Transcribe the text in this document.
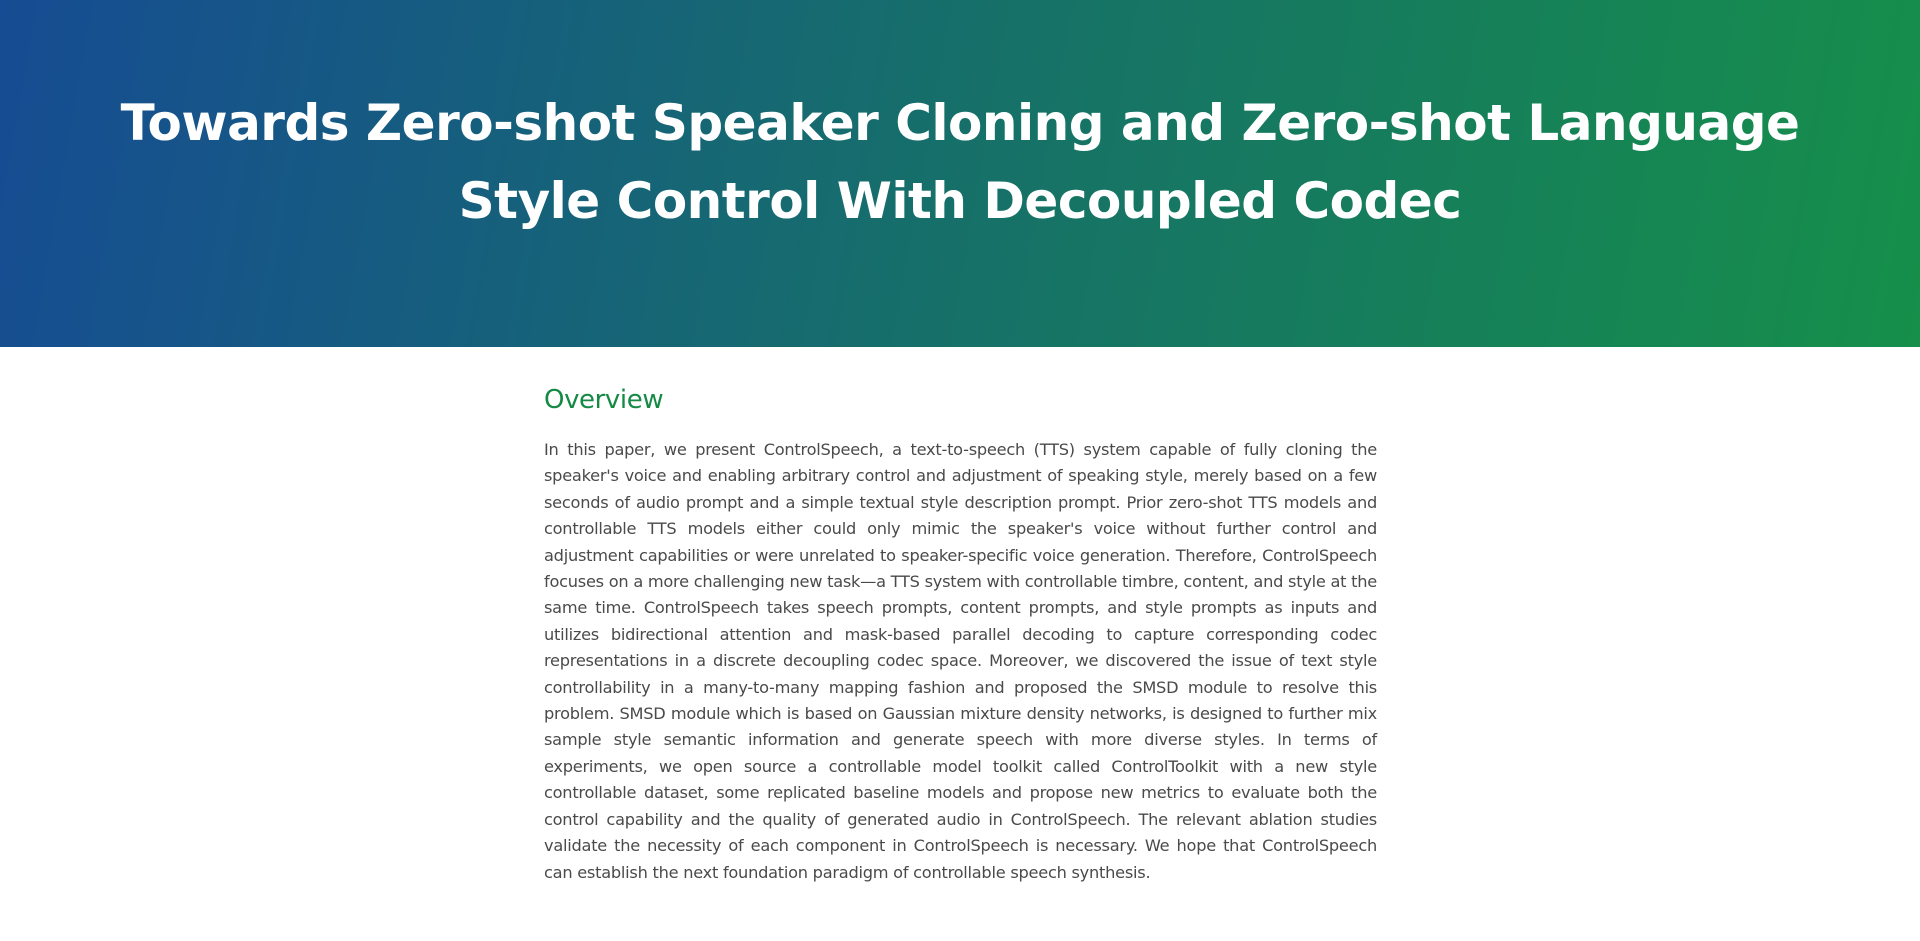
Towards Zero-shot Speaker Cloning and Zero-shot Language Style Control With Decoupled Codec
Overview

In this paper, we present ControlSpeech, a text-to-speech (TTS) system capable of fully cloning the speaker's voice and enabling arbitrary control and adjustment of speaking style, merely based on a few seconds of audio prompt and a simple textual style description prompt. Prior zero-shot TTS models and controllable TTS models either could only mimic the speaker's voice without further control and adjustment capabilities or were unrelated to speaker-specific voice generation. Therefore, ControlSpeech focuses on a more challenging new task—a TTS system with controllable timbre, content, and style at the same time. ControlSpeech takes speech prompts, content prompts, and style prompts as inputs and utilizes bidirectional attention and mask-based parallel decoding to capture corresponding codec representations in a discrete decoupling codec space. Moreover, we discovered the issue of text style controllability in a many-to-many mapping fashion and proposed the SMSD module to resolve this problem. SMSD module which is based on Gaussian mixture density networks, is designed to further mix sample style semantic information and generate speech with more diverse styles. In terms of experiments, we open source a controllable model toolkit called ControlToolkit with a new style controllable dataset, some replicated baseline models and propose new metrics to evaluate both the control capability and the quality of generated audio in ControlSpeech. The relevant ablation studies validate the necessity of each component in ControlSpeech is necessary. We hope that ControlSpeech can establish the next foundation paradigm of controllable speech synthesis.
